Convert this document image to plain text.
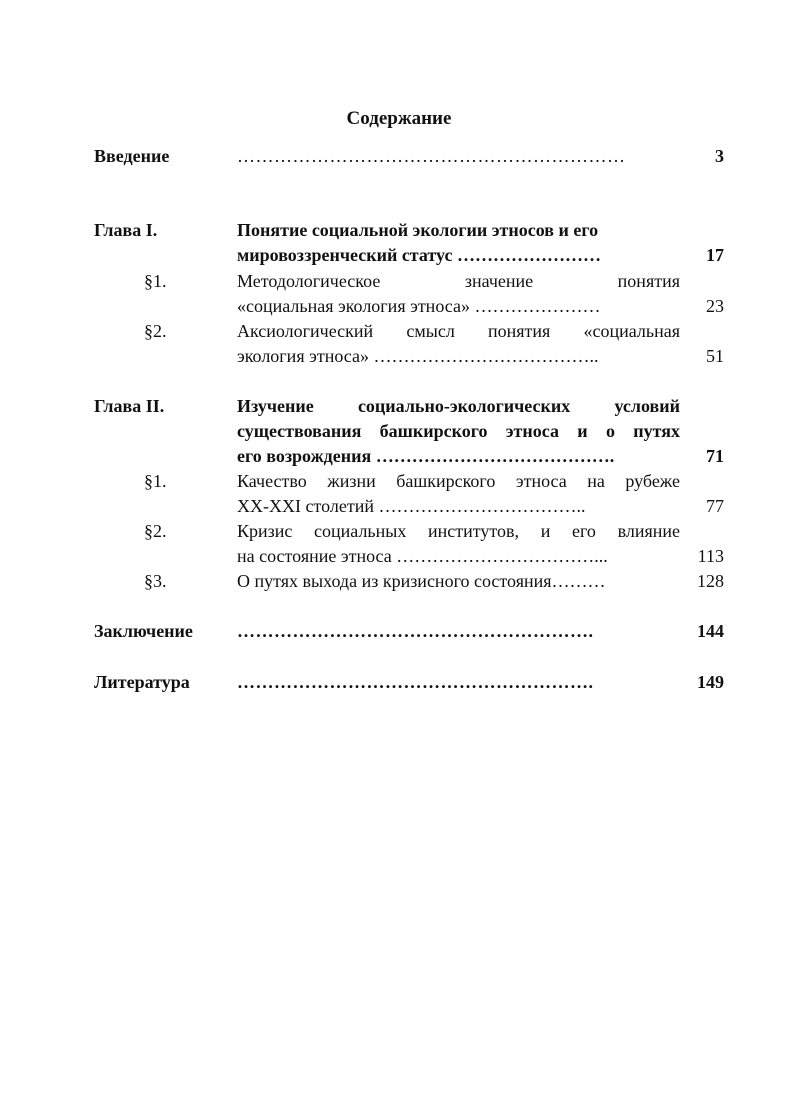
Содержание
Введение	………………………………………………………	3
Глава I.	Понятие социальной экологии этносов и его
мировоззренческий статус ……………………	17
§1.	Методологическое значение понятия
«социальная экология этноса» …………………	23
§2.	Аксиологический смысл понятия «социальная
экология этноса» ………………………………..	51
Глава II.	Изучение социально-экологических условий
существования башкирского этноса и о путях
его возрождения ………………………………….	71
§1.	Качество жизни башкирского этноса на рубеже
XX-XXI столетий ……………………………..	77
§2.	Кризис социальных институтов, и его влияние
на состояние этноса ……………………………...	113
§3.	О путях выхода из кризисного состояния………	128
Заключение ………………………………………………….	144
Литература	………………………………………………….	149
